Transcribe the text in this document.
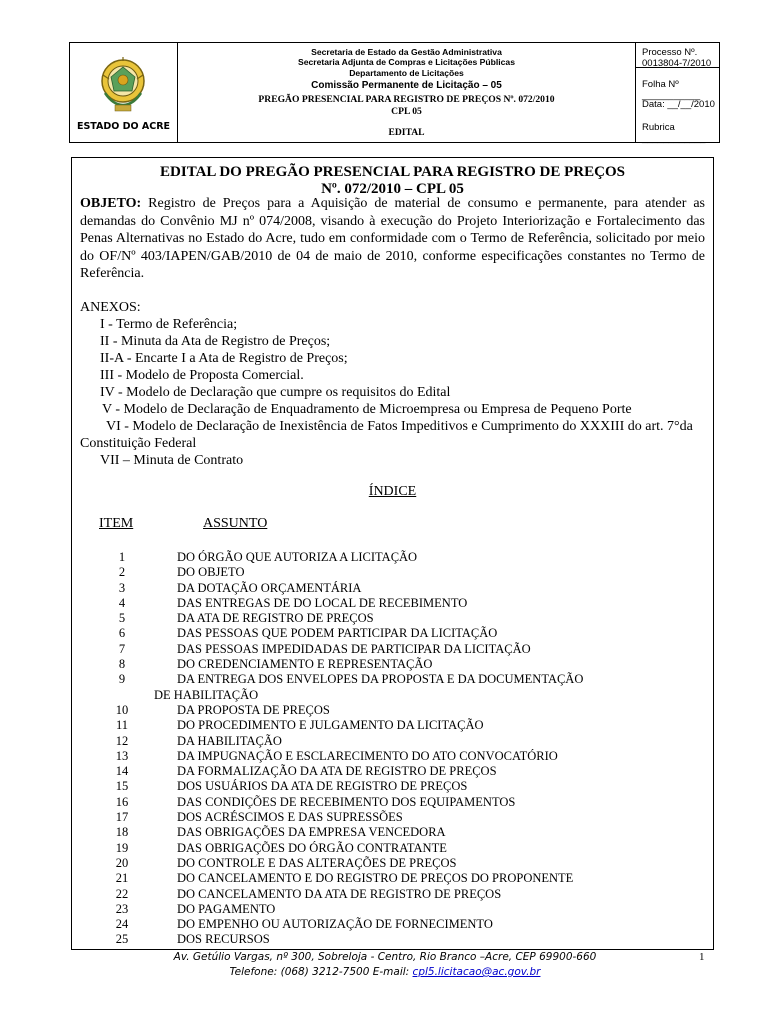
ESTADO DO ACRE
Secretaria de Estado da Gestão Administrativa
Secretaria Adjunta de Compras e Licitações Públicas
Departamento de Licitações
Comissão Permanente de Licitação – 05
PREGÃO PRESENCIAL PARA REGISTRO DE PREÇOS Nº. 072/2010
CPL 05
EDITAL
Processo Nº. 0013804-7/2010
Folha Nº ___________
Data: __/__/2010
Rubrica ____________
EDITAL DO PREGÃO PRESENCIAL PARA REGISTRO DE PREÇOS
Nº. 072/2010 – CPL 05
OBJETO: Registro de Preços para a Aquisição de material de consumo e permanente, para atender as demandas do Convênio MJ nº 074/2008, visando à execução do Projeto Interiorização e Fortalecimento das Penas Alternativas no Estado do Acre, tudo em conformidade com o Termo de Referência, solicitado por meio do OF/Nº 403/IAPEN/GAB/2010 de 04 de maio de 2010, conforme especificações constantes no Termo de Referência.
ANEXOS:
I - Termo de Referência;
II - Minuta da Ata de Registro de Preços;
II-A - Encarte I a Ata de Registro de Preços;
III - Modelo de Proposta Comercial.
IV - Modelo de Declaração que cumpre os requisitos do Edital
V - Modelo de Declaração de Enquadramento de Microempresa ou Empresa de Pequeno Porte
VI - Modelo de Declaração de Inexistência de Fatos Impeditivos e Cumprimento do XXXIII do art. 7°da Constituição Federal
VII – Minuta de Contrato
ÍNDICE
ITEM	ASSUNTO
1	DO ÓRGÃO QUE AUTORIZA A LICITAÇÃO
2	DO OBJETO
3	DA DOTAÇÃO ORÇAMENTÁRIA
4	DAS ENTREGAS DE DO LOCAL DE RECEBIMENTO
5	DA ATA DE REGISTRO DE PREÇOS
6	DAS PESSOAS QUE PODEM PARTICIPAR DA LICITAÇÃO
7	DAS PESSOAS IMPEDIDADAS DE PARTICIPAR DA LICITAÇÃO
8	DO CREDENCIAMENTO E REPRESENTAÇÃO
9	DA ENTREGA DOS ENVELOPES DA PROPOSTA E DA DOCUMENTAÇÃO
DE HABILITAÇÃO
10	DA PROPOSTA DE PREÇOS
11	DO PROCEDIMENTO E JULGAMENTO DA LICITAÇÃO
12	DA HABILITAÇÃO
13	DA IMPUGNAÇÃO E ESCLARECIMENTO DO ATO CONVOCATÓRIO
14	DA FORMALIZAÇÃO DA ATA DE REGISTRO DE PREÇOS
15	DOS USUÁRIOS DA ATA DE REGISTRO DE PREÇOS
16	DAS CONDIÇÕES DE RECEBIMENTO DOS EQUIPAMENTOS
17	DOS ACRÉSCIMOS E DAS SUPRESSÕES
18	DAS OBRIGAÇÕES DA EMPRESA VENCEDORA
19	DAS OBRIGAÇÕES DO ÓRGÃO CONTRATANTE
20	DO CONTROLE E DAS ALTERAÇÕES DE PREÇOS
21	DO CANCELAMENTO E DO REGISTRO DE PREÇOS DO PROPONENTE
22	DO CANCELAMENTO DA ATA DE REGISTRO DE PREÇOS
23	DO PAGAMENTO
24	DO EMPENHO OU AUTORIZAÇÃO DE FORNECIMENTO
25	DOS RECURSOS
Av. Getúlio Vargas, nº 300, Sobreloja - Centro, Rio Branco –Acre, CEP 69900-660
Telefone: (068) 3212-7500 E-mail: cpl5.licitacao@ac.gov.br
1
